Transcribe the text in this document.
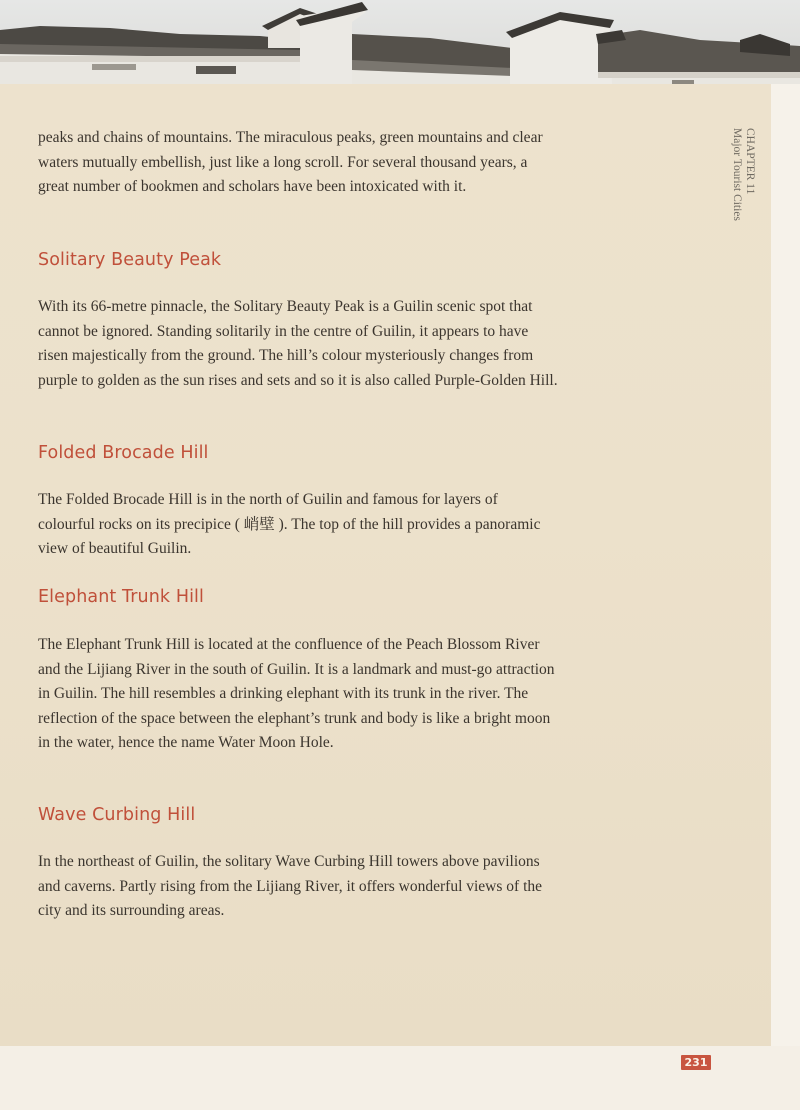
CHAPTER 11
Major Tourist Cities

peaks and chains of mountains. The miraculous peaks, green mountains and clear waters mutually embellish, just like a long scroll. For several thousand years, a great number of bookmen and scholars have been intoxicated with it.

Solitary Beauty Peak

With its 66-metre pinnacle, the Solitary Beauty Peak is a Guilin scenic spot that cannot be ignored. Standing solitarily in the centre of Guilin, it appears to have risen majestically from the ground. The hill’s colour mysteriously changes from purple to golden as the sun rises and sets and so it is also called Purple-Golden Hill.

Folded Brocade Hill

The Folded Brocade Hill is in the north of Guilin and famous for layers of colourful rocks on its precipice ( 峭壁 ). The top of the hill provides a panoramic view of beautiful Guilin.

Elephant Trunk Hill

The Elephant Trunk Hill is located at the confluence of the Peach Blossom River and the Lijiang River in the south of Guilin. It is a landmark and must-go attraction in Guilin. The hill resembles a drinking elephant with its trunk in the river. The reflection of the space between the elephant’s trunk and body is like a bright moon in the water, hence the name Water Moon Hole.

Wave Curbing Hill

In the northeast of Guilin, the solitary Wave Curbing Hill towers above pavilions and caverns. Partly rising from the Lijiang River, it offers wonderful views of the city and its surrounding areas.

231
